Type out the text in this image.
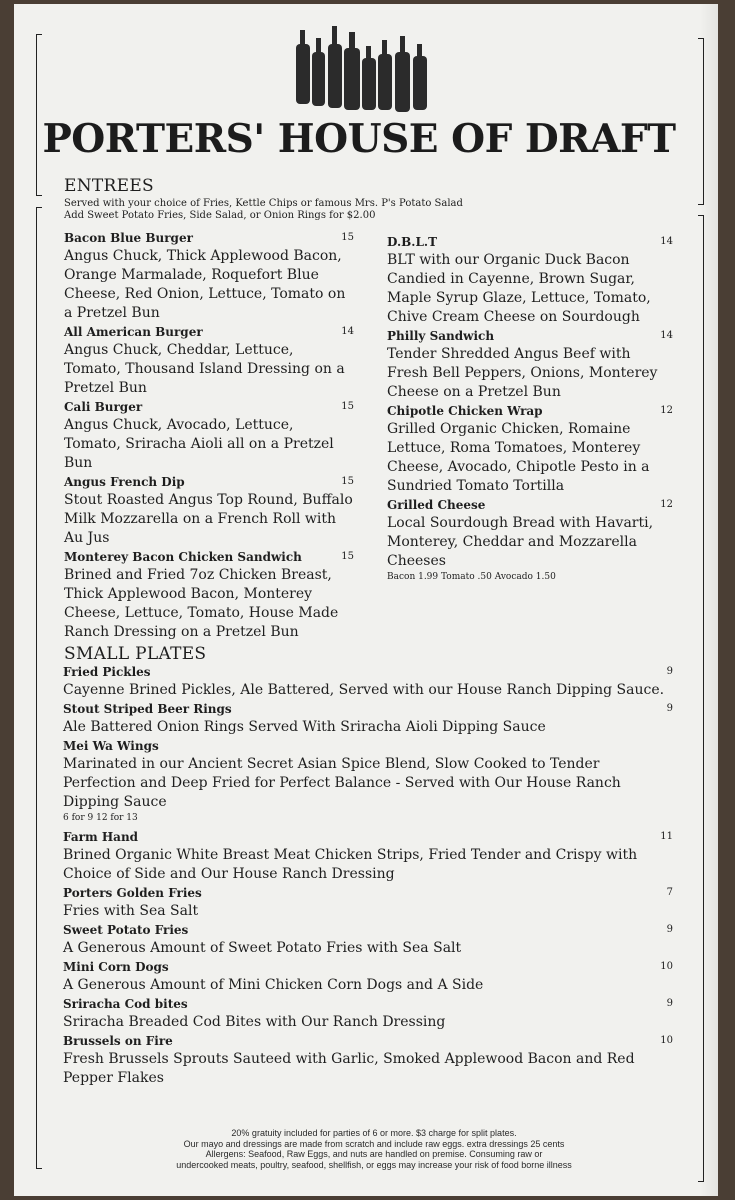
PORTERS' HOUSE OF DRAFT
ENTREES
Served with your choice of Fries, Kettle Chips or famous Mrs. P's Potato Salad
Add Sweet Potato Fries, Side Salad, or Onion Rings for $2.00
Bacon Blue Burger	15
Angus Chuck, Thick Applewood Bacon, Orange Marmalade, Roquefort Blue Cheese, Red Onion, Lettuce, Tomato on a Pretzel Bun
All American Burger	14
Angus Chuck, Cheddar, Lettuce, Tomato, Thousand Island Dressing on a Pretzel Bun
Cali Burger	15
Angus Chuck, Avocado, Lettuce, Tomato, Sriracha Aioli all on a Pretzel Bun
Angus French Dip	15
Stout Roasted Angus Top Round, Buffalo Milk Mozzarella on a French Roll with Au Jus
Monterey Bacon Chicken Sandwich	15
Brined and Fried 7oz Chicken Breast, Thick Applewood Bacon, Monterey Cheese, Lettuce, Tomato, House Made Ranch Dressing on a Pretzel Bun
D.B.L.T	14
BLT with our Organic Duck Bacon Candied in Cayenne, Brown Sugar, Maple Syrup Glaze, Lettuce, Tomato, Chive Cream Cheese on Sourdough
Philly Sandwich	14
Tender Shredded Angus Beef with Fresh Bell Peppers, Onions, Monterey Cheese on a Pretzel Bun
Chipotle Chicken Wrap	12
Grilled Organic Chicken, Romaine Lettuce, Roma Tomatoes, Monterey Cheese, Avocado, Chipotle Pesto in a Sundried Tomato Tortilla
Grilled Cheese	12
Local Sourdough Bread with Havarti, Monterey, Cheddar and Mozzarella Cheeses
Bacon 1.99 Tomato .50 Avocado 1.50
SMALL PLATES
Fried Pickles	9
Cayenne Brined Pickles, Ale Battered, Served with our House Ranch Dipping Sauce.
Stout Striped Beer Rings	9
Ale Battered Onion Rings Served With Sriracha Aioli Dipping Sauce
Mei Wa Wings
Marinated in our Ancient Secret Asian Spice Blend, Slow Cooked to Tender Perfection and Deep Fried for Perfect Balance - Served with Our House Ranch Dipping Sauce
6 for 9 12 for 13
Farm Hand	11
Brined Organic White Breast Meat Chicken Strips, Fried Tender and Crispy with Choice of Side and Our House Ranch Dressing
Porters Golden Fries	7
Fries with Sea Salt
Sweet Potato Fries	9
A Generous Amount of Sweet Potato Fries with Sea Salt
Mini Corn Dogs	10
A Generous Amount of Mini Chicken Corn Dogs and A Side
Sriracha Cod bites	9
Sriracha Breaded Cod Bites with Our Ranch Dressing
Brussels on Fire	10
Fresh Brussels Sprouts Sauteed with Garlic, Smoked Applewood Bacon and Red Pepper Flakes
20% gratuity included for parties of 6 or more. $3 charge for split plates.
Our mayo and dressings are made from scratch and include raw eggs. extra dressings 25 cents
Allergens: Seafood, Raw Eggs, and nuts are handled on premise. Consuming raw or
undercooked meats, poultry, seafood, shellfish, or eggs may increase your risk of food borne illness
